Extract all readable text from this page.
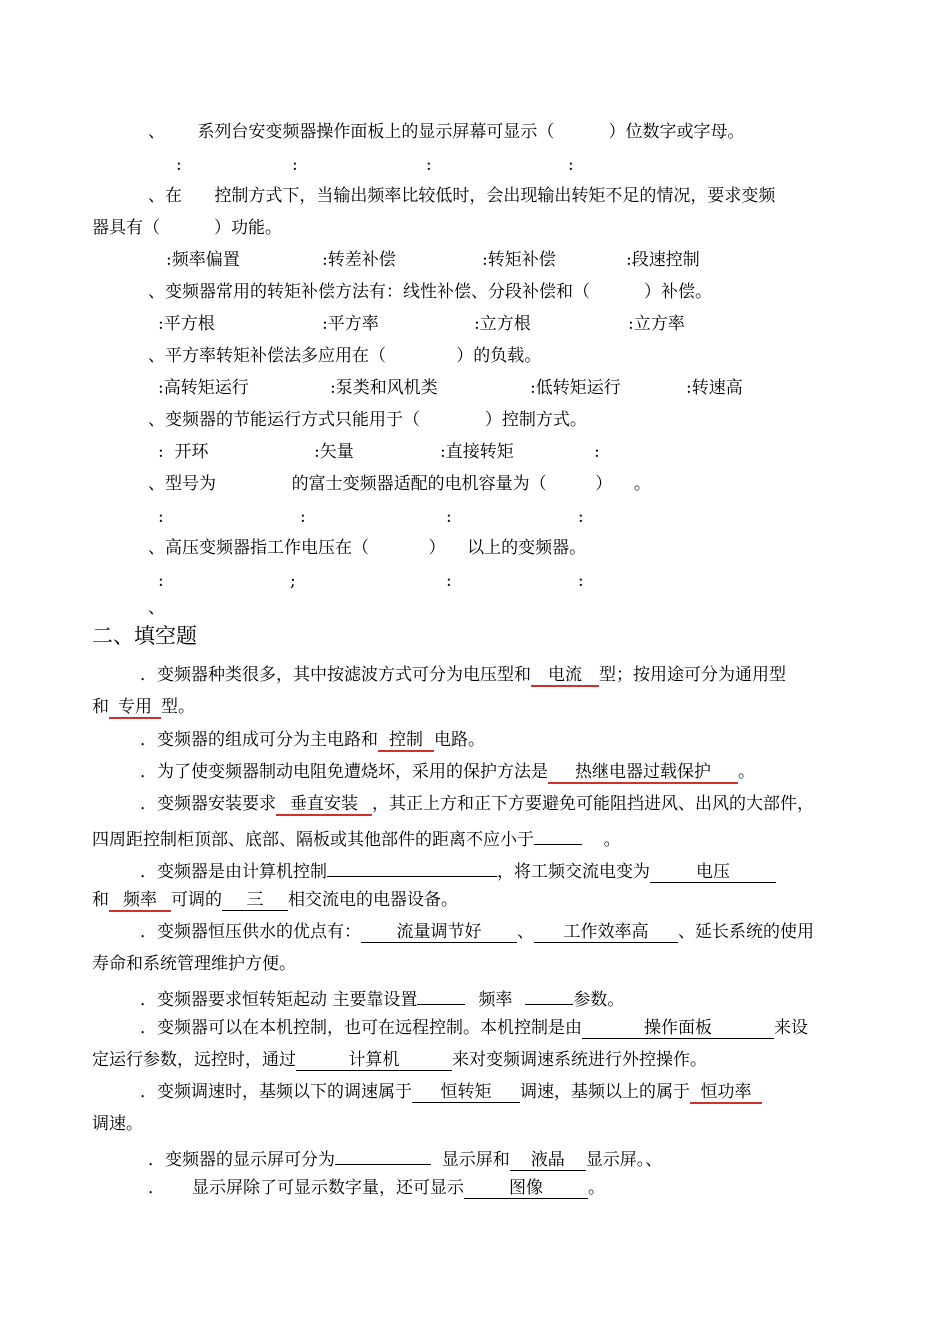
、 系列台安变频器操作面板上的显示屏幕可显示（	）位数字或字母。
:	:	:	:
、在 控制方式下，当输出频率比较低时，会出现输出转矩不足的情况，要求变频
器具有（	）功能。
:频率偏置	:转差补偿	:转矩补偿	:段速控制
、变频器常用的转矩补偿方法有：线性补偿、分段补偿和（	）补偿。
:平方根	:平方率	:立方根	:立方率
、平方率转矩补偿法多应用在（	）的负载。
:高转矩运行	:泵类和风机类	:低转矩运行	:转速高
、变频器的节能运行方式只能用于（	）控制方式。
:  开环	:矢量	:直接转矩	:
、型号为	的富士变频器适配的电机容量为（	） 。
:	:	:	:
、高压变频器指工作电压在（	） 以上的变频器。
:	;	:	:
、
二、填空题
．变频器种类很多，其中按滤波方式可分为电压型和 电流 型；按用途可分为通用型
和 专用 型。
．变频器的组成可分为主电路和 控制 电路。
．为了使变频器制动电阻免遭烧坏，采用的保护方法是 热继电器过载保护 。
．变频器安装要求 垂直安装 ，其正上方和正下方要避免可能阻挡进风、出风的大部件，
四周距控制柜顶部、底部、隔板或其他部件的距离不应小于	。
．变频器是由计算机控制	，将工频交流电变为	电压
和 频率 可调的 三 相交流电的电器设备。
．变频器恒压供水的优点有： 流量调节好 、 工作效率高 、延长系统的使用
寿命和系统管理维护方便。
．变频器要求恒转矩起动 主要靠设置	频率	参数。
．变频器可以在本机控制，也可在远程控制。本机控制是由	操作面板	来设
定运行参数，远控时，通过	计算机	来对变频调速系统进行外控操作。
．变频调速时，基频以下的调速属于 恒转矩 调速，基频以上的属于 恒功率
调速。
．变频器的显示屏可分为	显示屏和 液晶 显示屏。、
． 显示屏除了可显示数字量，还可显示	图像	。
